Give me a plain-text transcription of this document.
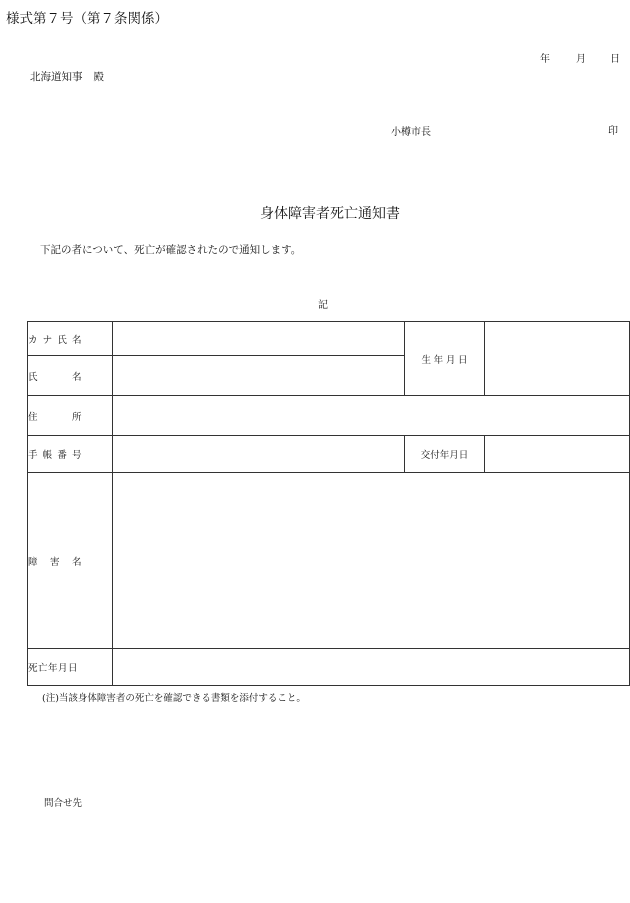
様式第７号（第７条関係）
年	月 日
北海道知事 殿
小樽市長	印
身体障害者死亡通知書
下記の者について、死亡が確認されたので通知します。
記
カ ナ 氏 名		生 年 月 日	

氏 名			

住 所			

手 帳 番 号		交付年月日	

障 害 名			

死亡年月日			
(注)当該身体障害者の死亡を確認できる書類を添付すること。
問合せ先
